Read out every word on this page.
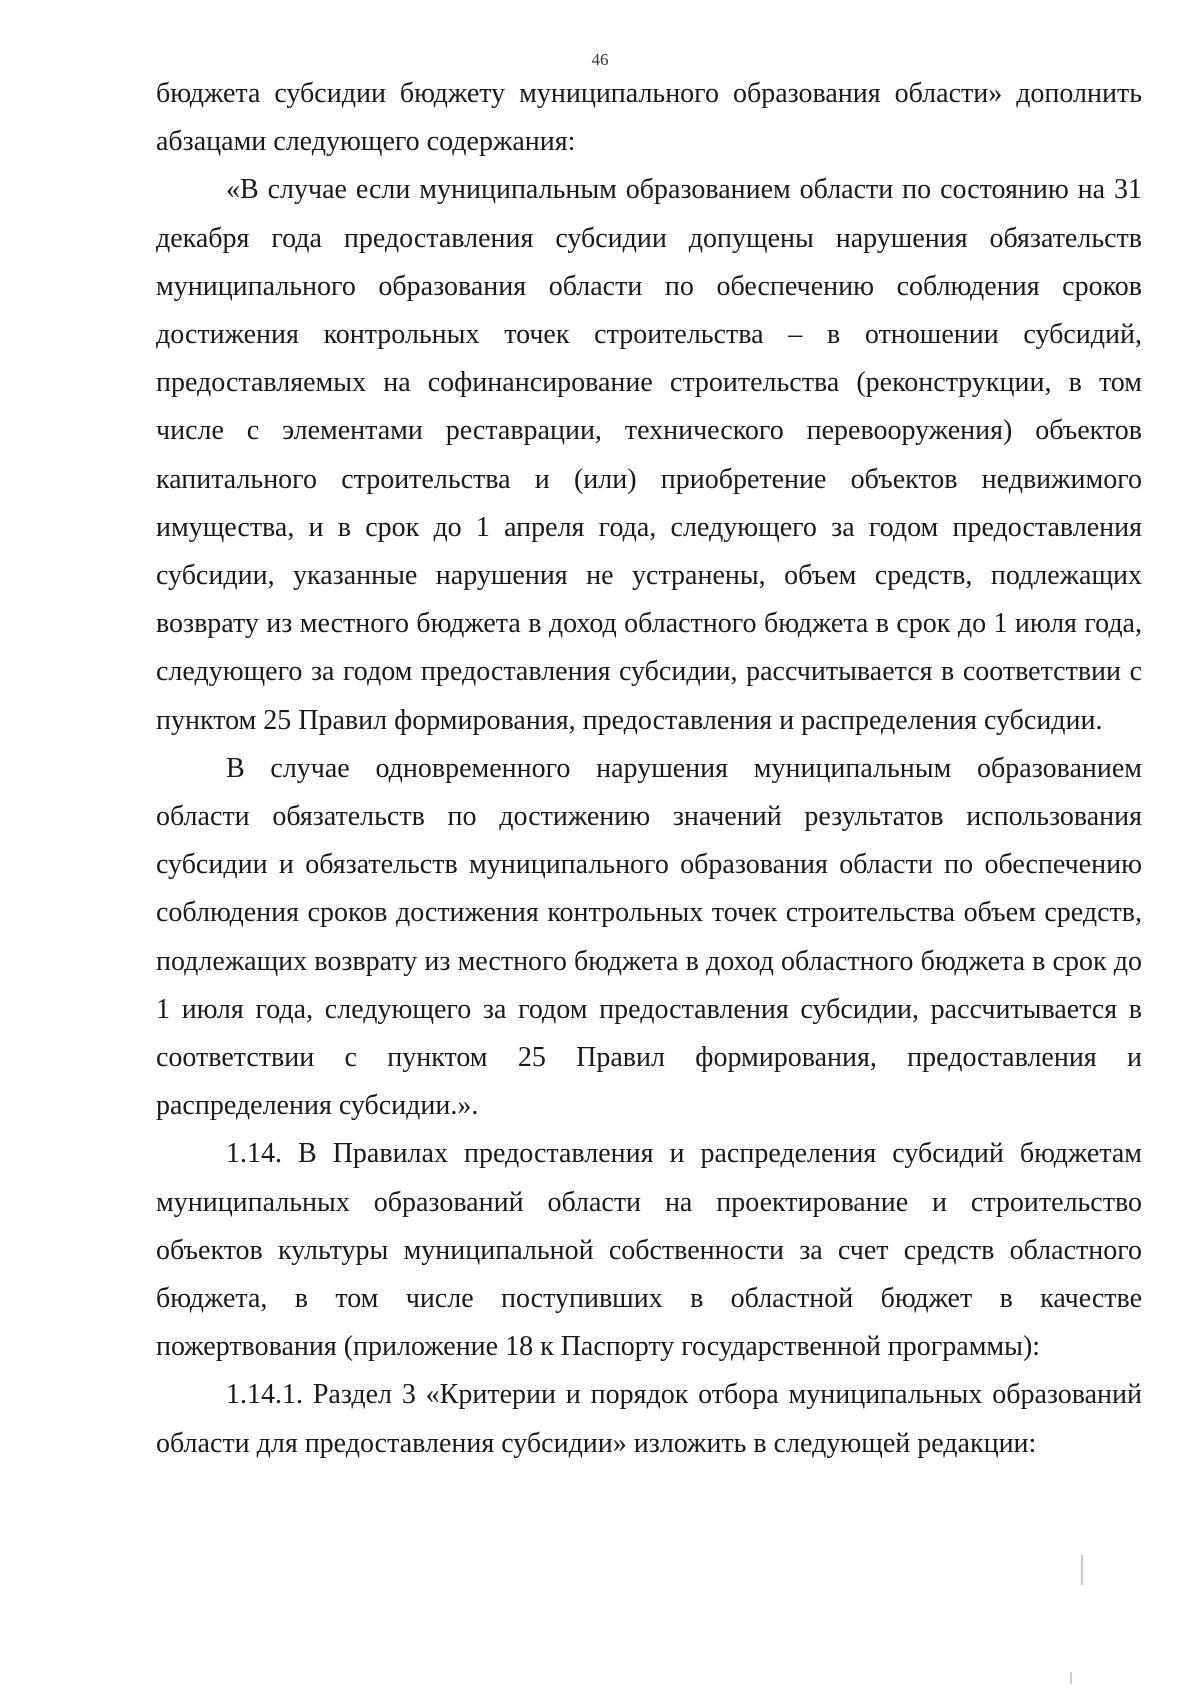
46

бюджета субсидии бюджету муниципального образования области» дополнить абзацами следующего содержания:

«В случае если муниципальным образованием области по состоянию на 31 декабря года предоставления субсидии допущены нарушения обязательств муниципального образования области по обеспечению соблюдения сроков достижения контрольных точек строительства – в отношении субсидий, предоставляемых на софинансирование строительства (реконструкции, в том числе с элементами реставрации, технического перевооружения) объектов капитального строительства и (или) приобретение объектов недвижимого имущества, и в срок до 1 апреля года, следующего за годом предоставления субсидии, указанные нарушения не устранены, объем средств, подлежащих возврату из местного бюджета в доход областного бюджета в срок до 1 июля года, следующего за годом предоставления субсидии, рассчитывается в соответствии с пунктом 25 Правил формирования, предоставления и распределения субсидии.

В случае одновременного нарушения муниципальным образованием области обязательств по достижению значений результатов использования субсидии и обязательств муниципального образования области по обеспечению соблюдения сроков достижения контрольных точек строительства объем средств, подлежащих возврату из местного бюджета в доход областного бюджета в срок до 1 июля года, следующего за годом предоставления субсидии, рассчитывается в соответствии с пунктом 25 Правил формирования, предоставления и распределения субсидии.».

1.14. В Правилах предоставления и распределения субсидий бюджетам муниципальных образований области на проектирование и строительство объектов культуры муниципальной собственности за счет средств областного бюджета, в том числе поступивших в областной бюджет в качестве пожертвования (приложение 18 к Паспорту государственной программы):

1.14.1. Раздел 3 «Критерии и порядок отбора муниципальных образований области для предоставления субсидии» изложить в следующей редакции:
